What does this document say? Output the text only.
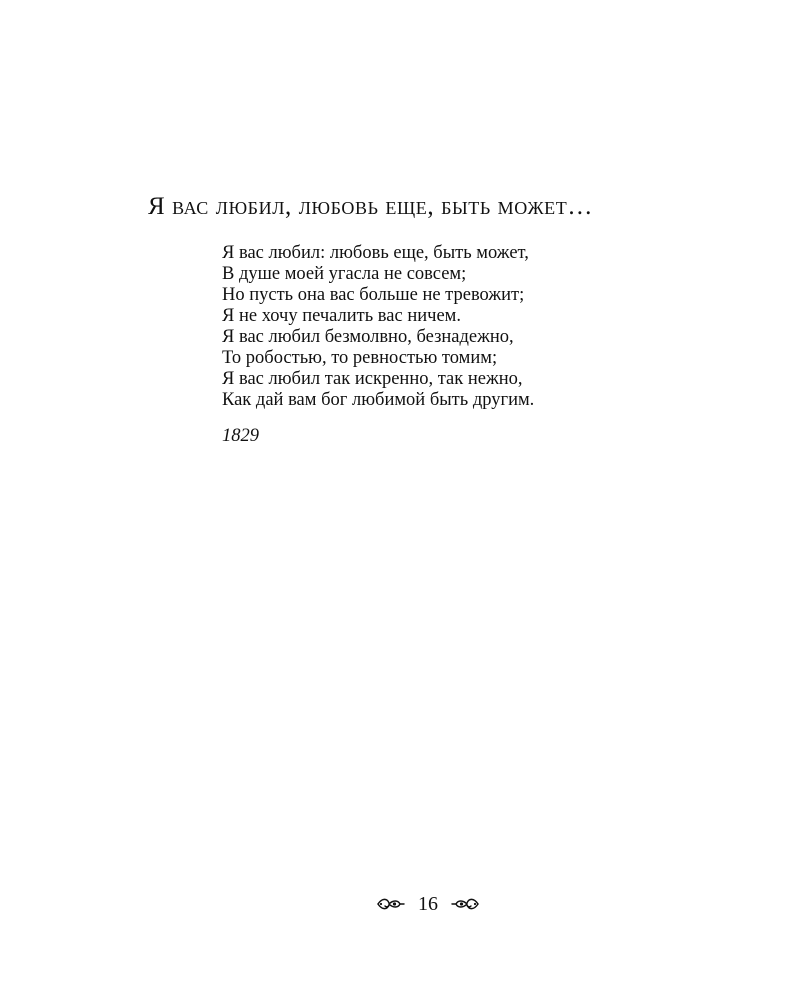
Я вас любил, любовь еще, быть может…

Я вас любил: любовь еще, быть может,

В душе моей угасла не совсем;

Но пусть она вас больше не тревожит;

Я не хочу печалить вас ничем.

Я вас любил безмолвно, безнадежно,

То робостью, то ревностью томим;

Я вас любил так искренно, так нежно,

Как дай вам бог любимой быть другим.

1829

16
